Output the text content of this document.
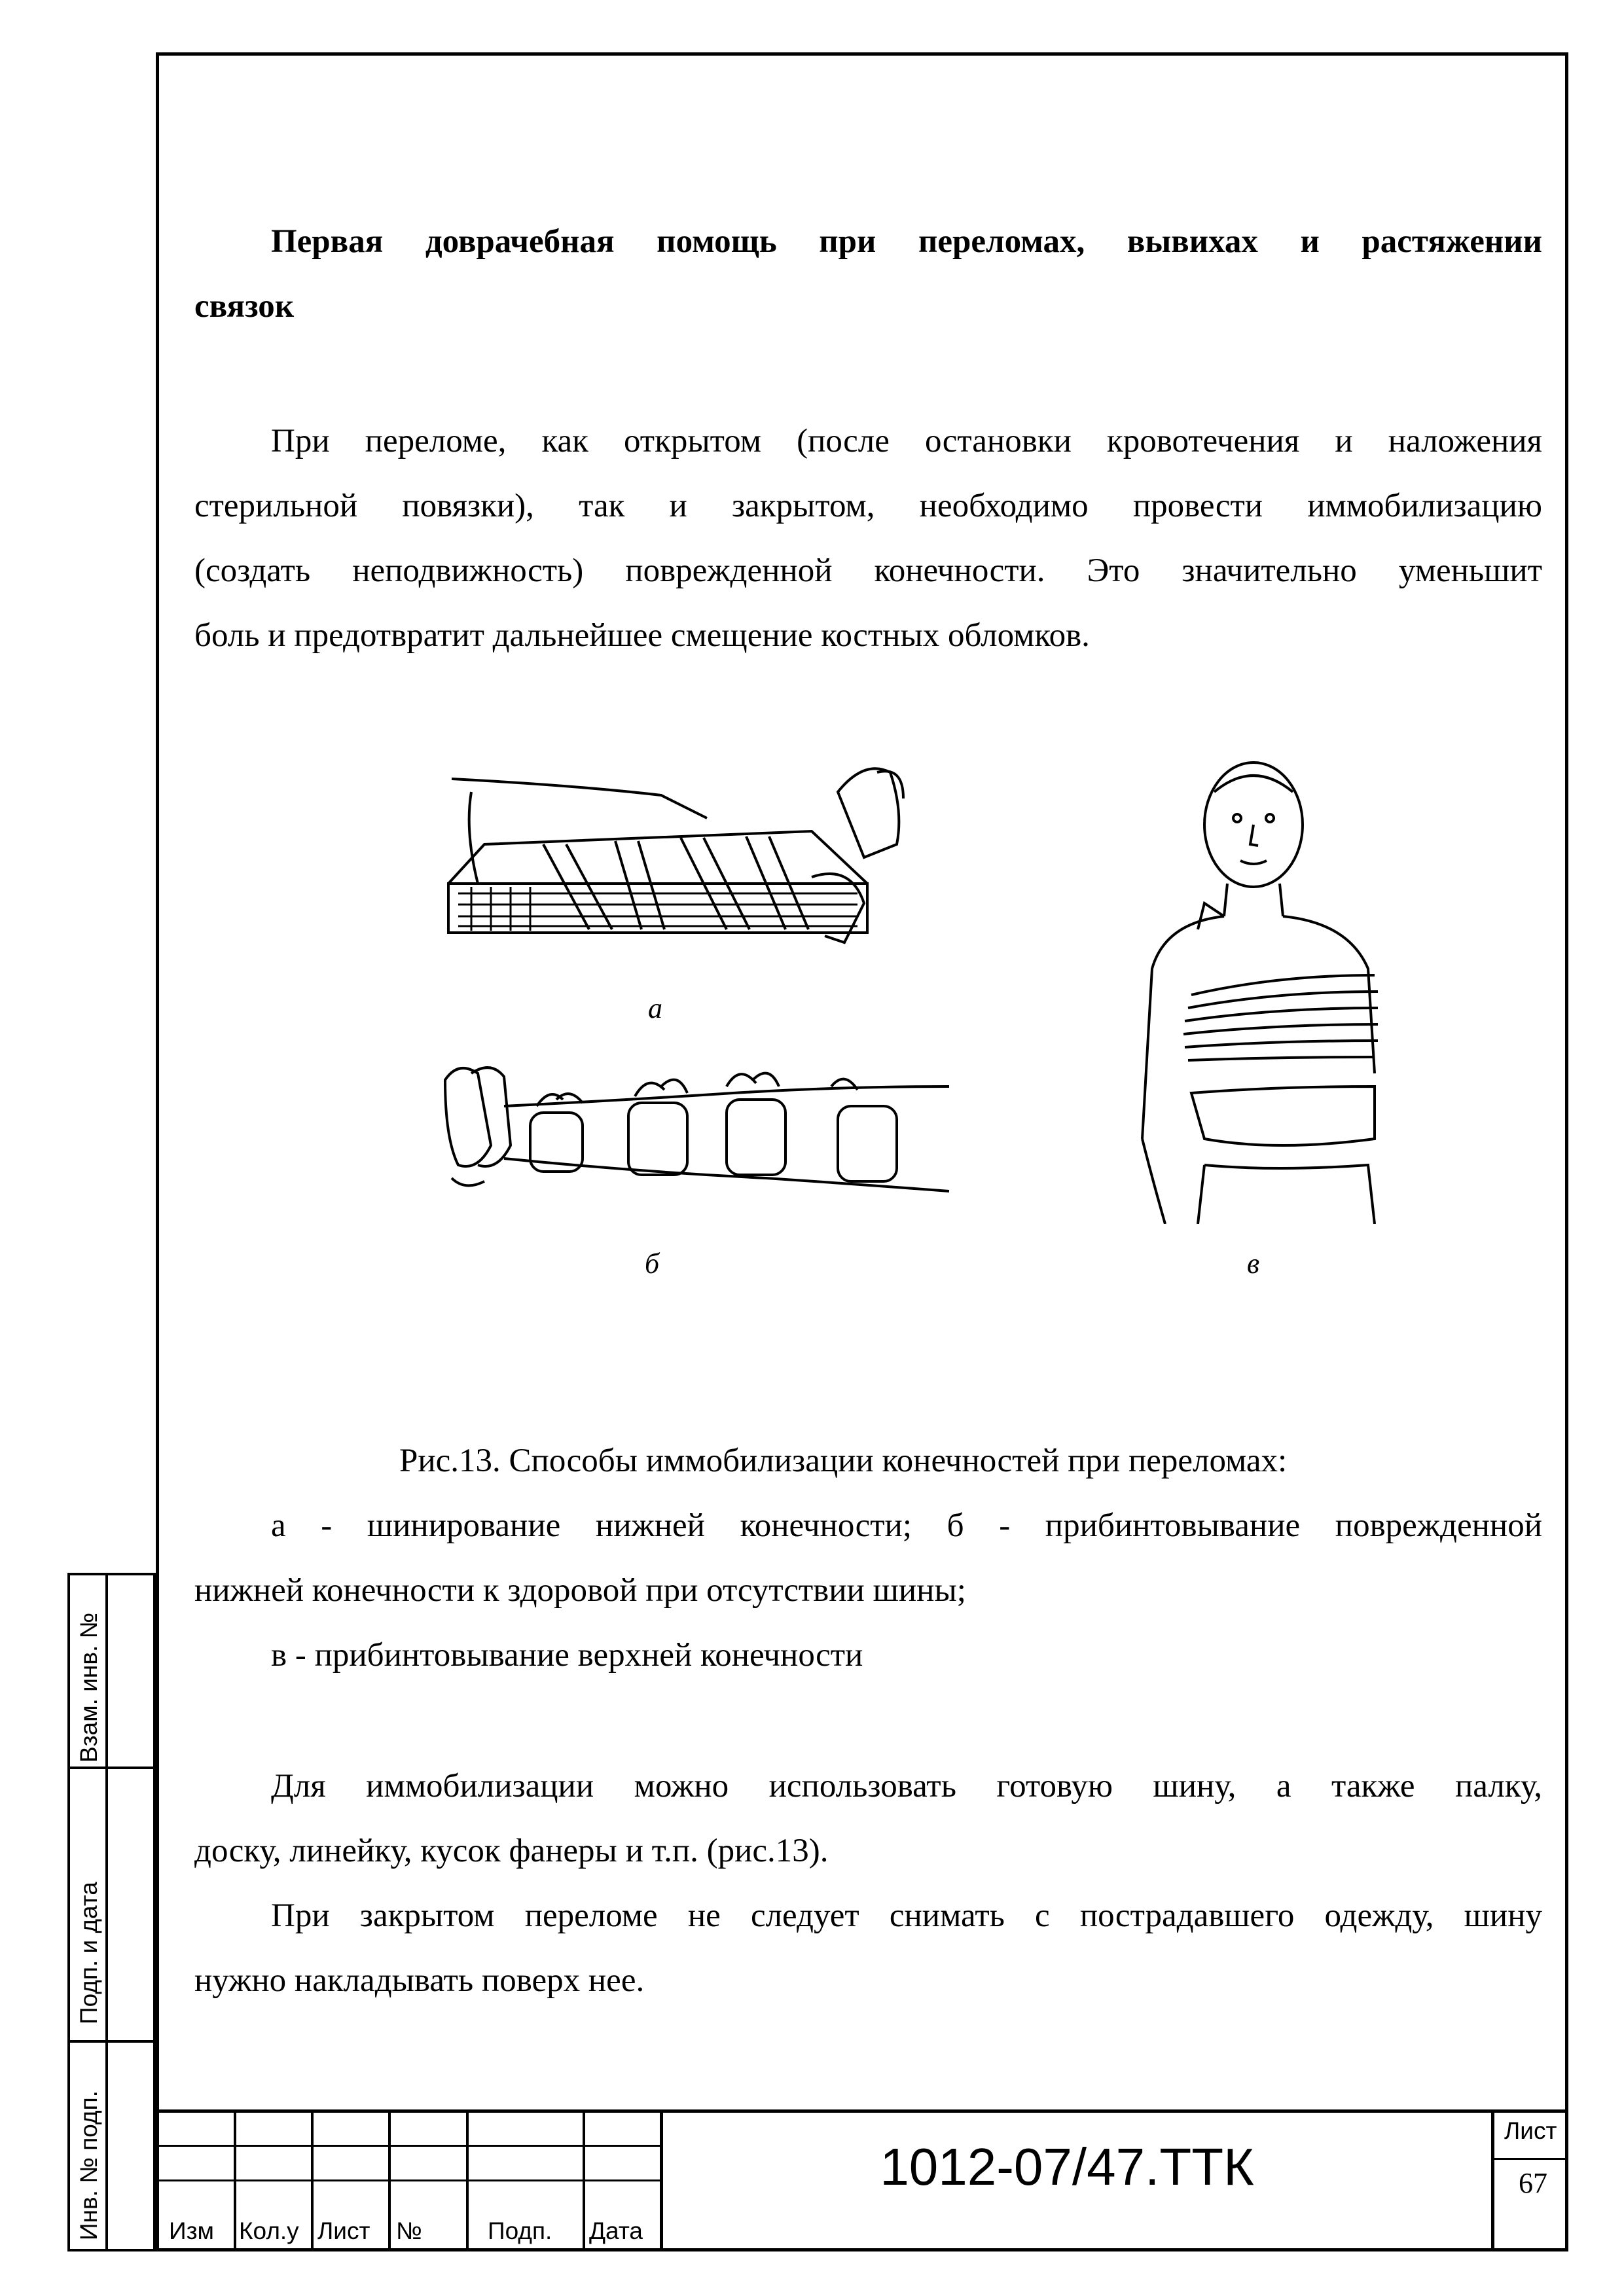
Первая доврачебная помощь при переломах, вывихах и растяжении
связок
При переломе, как открытом (после остановки кровотечения и наложения
стерильной повязки), так и закрытом, необходимо провести иммобилизацию
(создать неподвижность) поврежденной конечности. Это значительно уменьшит
боль и предотвратит дальнейшее смещение костных обломков.
а
б	в
Рис.13. Способы иммобилизации конечностей при переломах:
а - шинирование нижней конечности; б - прибинтовывание поврежденной
нижней конечности к здоровой при отсутствии шины;
в - прибинтовывание верхней конечности
Для иммобилизации можно использовать готовую шину, а также палку,
доску, линейку, кусок фанеры и т.п. (рис.13).
При закрытом переломе не следует снимать с пострадавшего одежду, шину
нужно накладывать поверх нее.
Взам. инв. №
Подп. и дата
Инв. № подп.	Изм Кол.у Лист №	Подп. Дата
1012-07/47.ТТК
Лист
67
